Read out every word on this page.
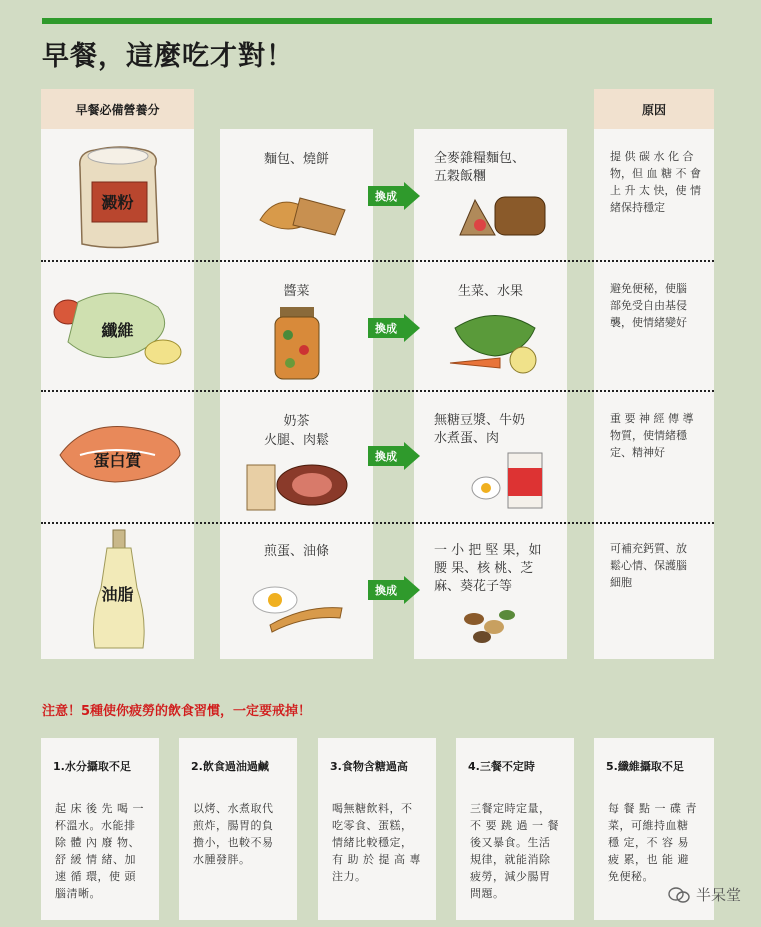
早餐，這麼吃才對！
早餐必備營養分	原因
澱粉
麵包、燒餅
換成
全麥雜糧麵包、
五穀飯糰
提 供 碳 水 化 合
物，但 血 糖 不 會
上 升 太 快，使 情
緒保持穩定
纖維
醬菜
換成
生菜、水果	避免便秘，使腦
部免受自由基侵
襲，使情緒變好
蛋白質
奶茶
火腿、肉鬆
換成
無糖豆漿、牛奶
水煮蛋、肉
重 要 神 經 傳 導
物質，使情緒穩
定、精神好
油脂
煎蛋、油條
換成
一 小 把 堅 果，如
腰 果、核 桃、芝
麻、葵花子等
可補充鈣質、放
鬆心情、保護腦
細胞
注意！5種使你疲勞的飲食習慣，一定要戒掉！
1.水分攝取不足
起 床 後 先 喝 一
杯溫水。水能排
除 體 內 廢 物、
舒 緩 情 緒、加
速 循 環，使 頭
腦清晰。
2.飲食過油過鹹
以烤、水煮取代
煎炸，腸胃的負
擔小，也較不易
水腫發胖。
3.食物含糖過高
喝無糖飲料，不
吃零食、蛋糕，
情緒比較穩定，
有 助 於 提 高 專
注力。
4.三餐不定時
三餐定時定量，
不 要 跳 過 一 餐
後又暴食。生活
規律，就能消除
疲勞，減少腸胃
問題。
5.纖維攝取不足
每 餐 點 一 碟 青
菜，可維持血糖
穩 定，不 容 易
疲 累，也 能 避
免便秘。
半呆堂
